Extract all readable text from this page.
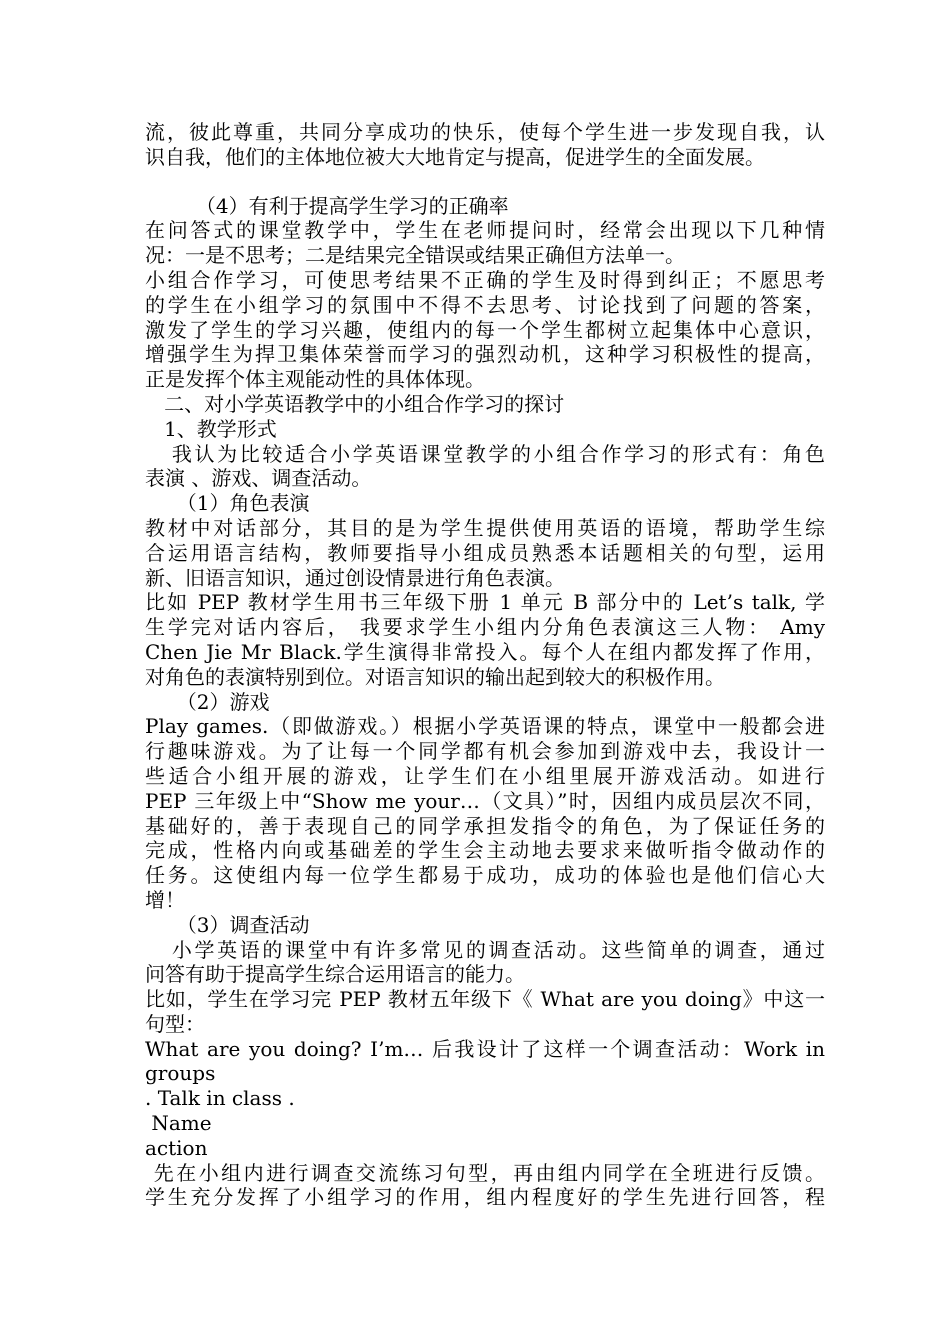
流，彼此尊重，共同分享成功的快乐，使每个学生进一步发现自我，认
识自我，他们的主体地位被大大地肯定与提高，促进学生的全面发展。
（4）有利于提高学生学习的正确率
在问答式的课堂教学中，学生在老师提问时，经常会出现以下几种情
况：一是不思考；二是结果完全错误或结果正确但方法单一。
小组合作学习，可使思考结果不正确的学生及时得到纠正；不愿思考
的学生在小组学习的氛围中不得不去思考、讨论找到了问题的答案，
激发了学生的学习兴趣，使组内的每一个学生都树立起集体中心意识，
增强学生为捍卫集体荣誉而学习的强烈动机，这种学习积极性的提高，
正是发挥个体主观能动性的具体体现。
二、对小学英语教学中的小组合作学习的探讨
1、教学形式
我认为比较适合小学英语课堂教学的小组合作学习的形式有：角色
表演 、游戏、调查活动。
（1）角色表演
教材中对话部分，其目的是为学生提供使用英语的语境，帮助学生综
合运用语言结构，教师要指导小组成员熟悉本话题相关的句型，运用
新、旧语言知识，通过创设情景进行角色表演。
比如 PEP 教材学生用书三年级下册 1 单元 B 部分中的 Let’s talk, 学
生学完对话内容后， 我要求学生小组内分角色表演这三人物： Amy
Chen Jie Mr Black.学生演得非常投入。每个人在组内都发挥了作用，
对角色的表演特别到位。对语言知识的输出起到较大的积极作用。
（2）游戏
Play games.（即做游戏。）根据小学英语课的特点，课堂中一般都会进
行趣味游戏。为了让每一个同学都有机会参加到游戏中去，我设计一
些适合小组开展的游戏，让学生们在小组里展开游戏活动。如进行
PEP 三年级上中“Show me your…（文具）”时，因组内成员层次不同，
基础好的，善于表现自己的同学承担发指令的角色，为了保证任务的
完成，性格内向或基础差的学生会主动地去要求来做听指令做动作的
任务。这使组内每一位学生都易于成功，成功的体验也是他们信心大
增！
（3）调查活动
小学英语的课堂中有许多常见的调查活动。这些简单的调查，通过
问答有助于提高学生综合运用语言的能力。
比如，学生在学习完 PEP 教材五年级下《 What are you doing》中这一
句型：
What are you doing? I’m… 后我设计了这样一个调查活动：Work in
groups
. Talk in class .
Name
action
先在小组内进行调查交流练习句型，再由组内同学在全班进行反馈。
学生充分发挥了小组学习的作用，组内程度好的学生先进行回答，程
